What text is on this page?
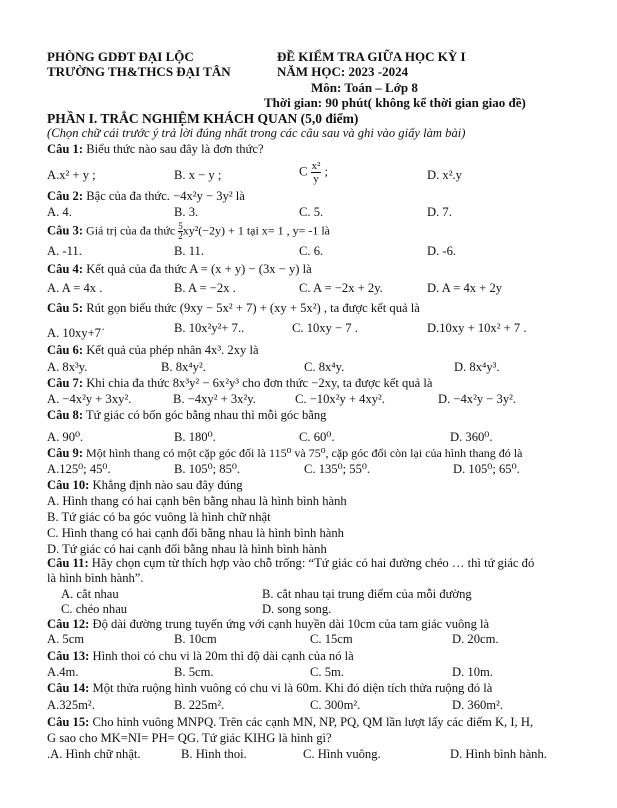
PHÒNG GDĐT ĐẠI LỘC
TRƯỜNG TH&THCS ĐẠI TÂN
ĐỀ KIỂM TRA GIỮA HỌC KỲ I
NĂM HỌC: 2023 -2024
Môn: Toán – Lớp 8
Thời gian: 90 phút( không kể thời gian giao đề)
PHẦN I. TRẮC NGHIỆM KHÁCH QUAN (5,0 điểm)
(Chọn chữ cái trước ý trả lời đúng nhất trong các câu sau và ghi vào giấy làm bài)
Câu 1: Biểu thức nào sau đây là đơn thức?
A.x² + y ;	B. x − y ;	C $\frac{\text{x²}}{y}$ ;	D. x².y
Câu 2: Bậc của đa thức. −4x²y − 3y² là
A. 4.	B. 3.	C. 5.	D. 7.
Câu 3: Giá trị của đa thức $\frac{5}{2} xy^2(-2y) + 1$ tại x= 1 , y= -1 là
A. -11.	B. 11.	C. 6.	D. -6.
Câu 4: Kết quả của đa thức A = (x + y) − (3x − y) là
A. A = 4x .	B. A = −2x .	C. A = −2x + 2y.	D. A = 4x + 2y
Câu 5: Rút gọn biểu thức (9xy − 5x² + 7) + (xy + 5x²) , ta được kết quả là
A. 10xy+7˙	B. 10x²y²+ 7..	C. 10xy − 7 .	D.10xy + 10x² + 7 .
Câu 6: Kết quả của phép nhân 4x³. 2xy là
A. 8x³y.	B. 8x⁴y².	C. 8x⁴y.	D. 8x⁴y³.
Câu 7: Khi chia đa thức 8x³y² − 6x²y³ cho đơn thức −2xy, ta được kết quả là
A. −4x²y + 3xy².	B. −4xy² + 3x²y.	C. −10x²y + 4xy².	D. −4x²y − 3y².
Câu 8: Tứ giác có bốn góc bằng nhau thì mỗi góc bằng
A. 90⁰.	B. 180⁰.	C. 60⁰.	D. 360⁰.
Câu 9: Một hình thang có một cặp góc đối là 115⁰ và 75⁰, cặp góc đối còn lại của hình thang đó là
A.125⁰; 45⁰.	B. 105⁰; 85⁰.	C. 135⁰; 55⁰.	D. 105⁰; 65⁰.
Câu 10: Khẳng định nào sau đây đúng
A. Hình thang có hai cạnh bên bằng nhau là hình bình hành
B. Tứ giác có ba góc vuông là hình chữ nhật
C. Hình thang có hai cạnh đối bằng nhau là hình bình hành
D. Tứ giác có hai cạnh đối bằng nhau là hình bình hành
Câu 11: Hãy chọn cụm từ thích hợp vào chỗ trống: “Tứ giác có hai đường chéo … thì tứ giác đó
là hình bình hành”.
A. cắt nhau	B. cắt nhau tại trung điểm của mỗi đường
C. chéo nhau	D. song song.
Câu 12: Độ dài đường trung tuyến ứng với cạnh huyền dài 10cm của tam giác vuông là
A. 5cm	B. 10cm	C. 15cm	D. 20cm.
Câu 13: Hình thoi có chu vi là 20m thì độ dài cạnh của nó là
A.4m.	B. 5cm.	C. 5m.	D. 10m.
Câu 14: Một thửa ruộng hình vuông có chu vi là 60m. Khi đó diện tích thửa ruộng đó là
A.325m².	B. 225m².	C. 300m².	D. 360m².
Câu 15: Cho hình vuông MNPQ. Trên các cạnh MN, NP, PQ, QM lần lượt lấy các điểm K, I, H,
G sao cho MK=NI= PH= QG. Tứ giác KIHG là hình gì?
.A. Hình chữ nhật.	B. Hình thoi.	C. Hình vuông.	D. Hình bình hành.
